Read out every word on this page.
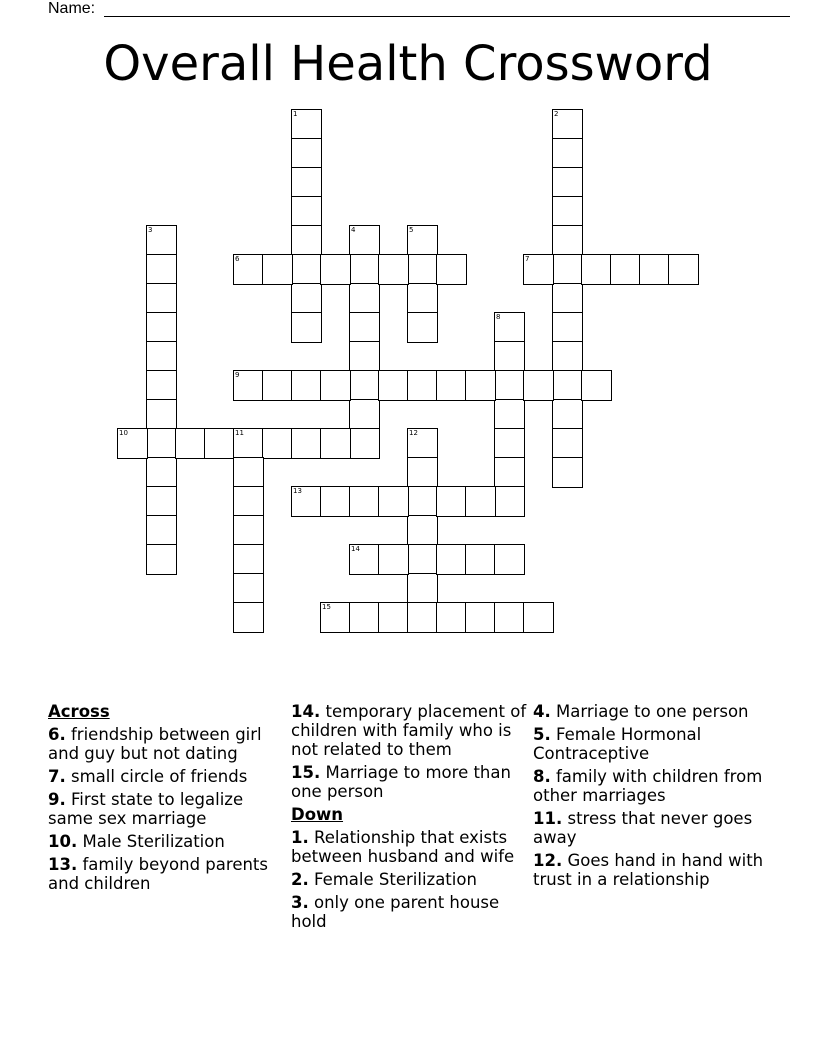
Name:
Overall Health Crossword
1	2
3	4	5
6	7
8
9
10	11	12
13
14
15
Across
6. friendship between girl and guy but not dating
7. small circle of friends
9. First state to legalize same sex marriage
10. Male Sterilization
13. family beyond parents and children
14. temporary placement of children with family who is not related to them
15. Marriage to more than one person
Down
1. Relationship that exists between husband and wife
2. Female Sterilization
3. only one parent house hold
4. Marriage to one person
5. Female Hormonal Contraceptive
8. family with children from other marriages
11. stress that never goes away
12. Goes hand in hand with trust in a relationship
